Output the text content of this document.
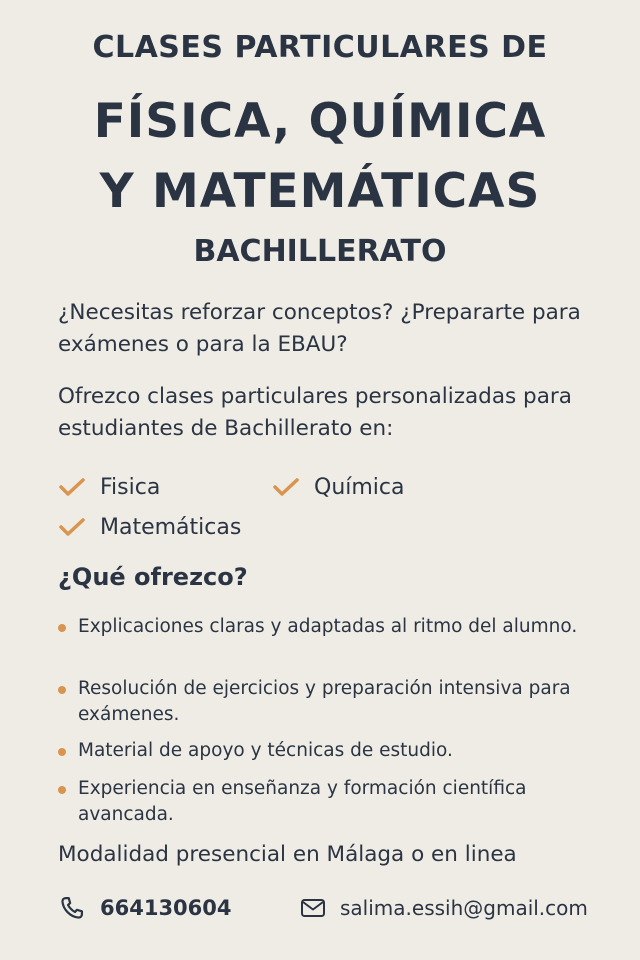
CLASES PARTICULARES DE
FÍSICA, QUÍMICA
Y MATEMÁTICAS
BACHILLERATO
¿Necesitas reforzar conceptos? ¿Prepararte para exámenes o para la EBAU?
Ofrezco clases particulares personalizadas para estudiantes de Bachillerato en:
Fisica	Química
Matemáticas
¿Qué ofrezco?
Explicaciones claras y adaptadas al ritmo del alumno.
Resolución de ejercicios y preparación intensiva para exámenes.
Material de apoyo y técnicas de estudio.
Experiencia en enseñanza y formación científica avancada.
Modalidad presencial en Málaga o en linea
664130604	salima.essih@gmail.com
